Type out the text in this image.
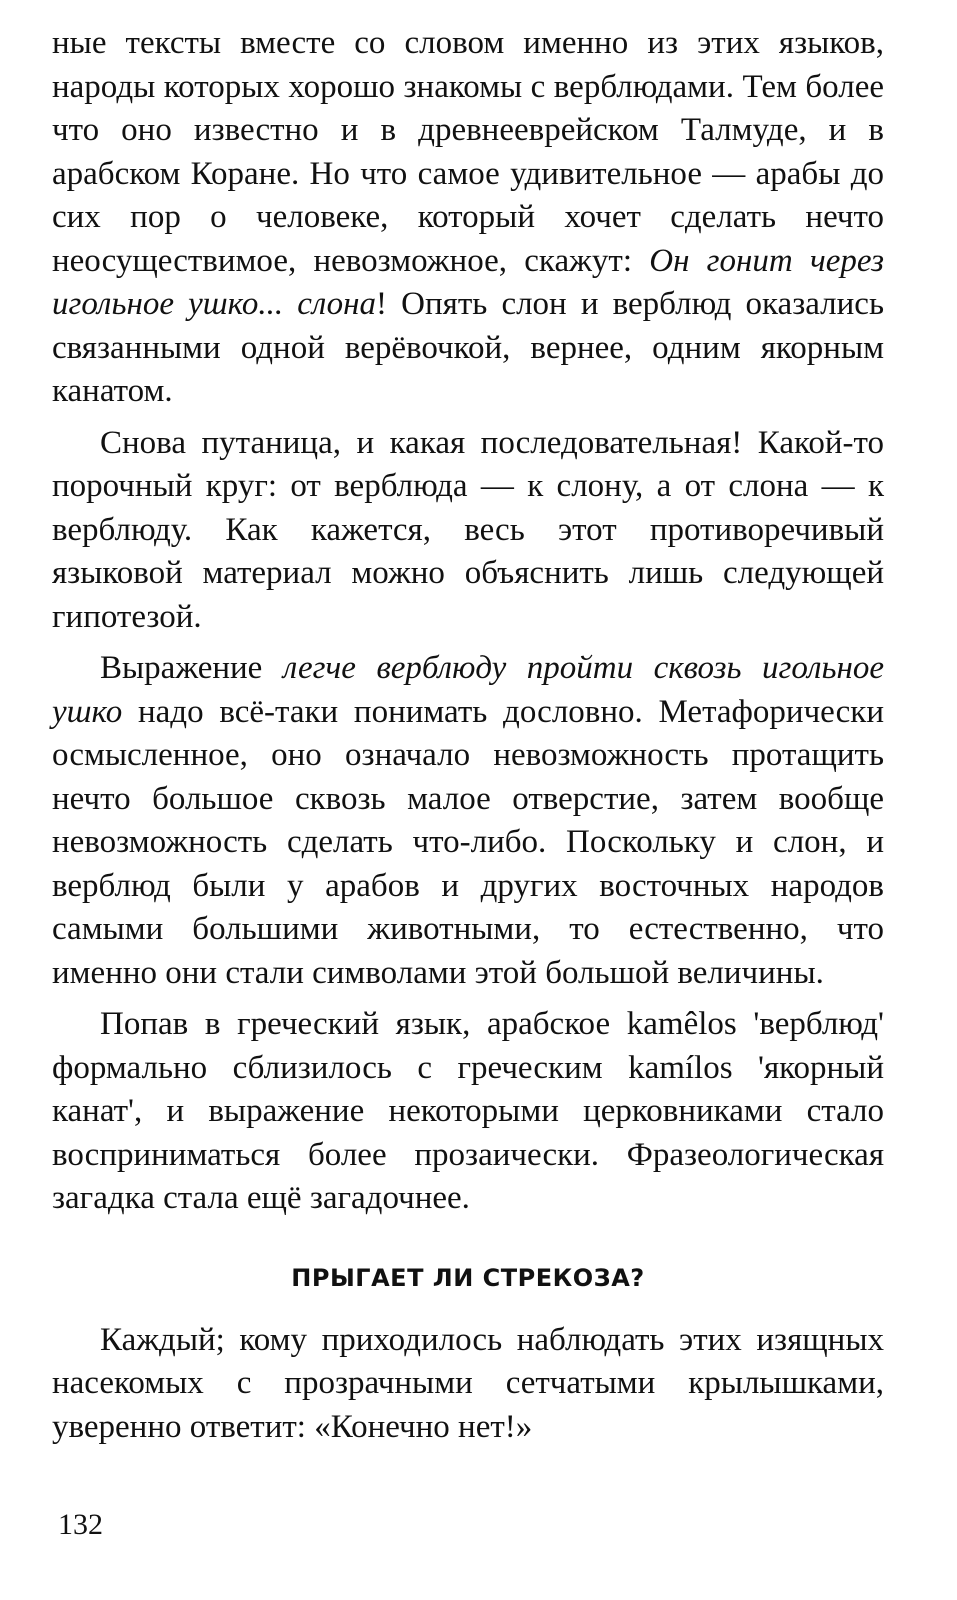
ные тексты вместе со словом именно из этих языков, народы которых хорошо знакомы с верблюдами. Тем более что оно известно и в древнееврейском Талмуде, и в арабском Коране. Но что самое удивительное — арабы до сих пор о человеке, который хочет сделать нечто неосуществимое, невозможное, скажут: Он гонит через игольное ушко... слона! Опять слон и верблюд оказались связанными одной верёвочкой, вернее, одним якорным канатом.

Снова путаница, и какая последовательная! Какой-то порочный круг: от верблюда — к слону, а от слона — к верблюду. Как кажется, весь этот противоречивый языковой материал можно объяснить лишь следующей гипотезой.

Выражение легче верблюду пройти сквозь игольное ушко надо всё-таки понимать дословно. Метафорически осмысленное, оно означало невозможность протащить нечто большое сквозь малое отверстие, затем вообще невозможность сделать что-либо. Поскольку и слон, и верблюд были у арабов и других восточных народов самыми большими животными, то естественно, что именно они стали символами этой большой величины.

Попав в греческий язык, арабское kamêlos 'верблюд' формально сблизилось с греческим kamílos 'якорный канат', и выражение некоторыми церковниками стало восприниматься более прозаически. Фразеологическая загадка стала ещё загадочнее.

ПРЫГАЕТ ЛИ СТРЕКОЗА?

Каждый; кому приходилось наблюдать этих изящных насекомых с прозрачными сетчатыми крылышками, уверенно ответит: «Конечно нет!»

132
